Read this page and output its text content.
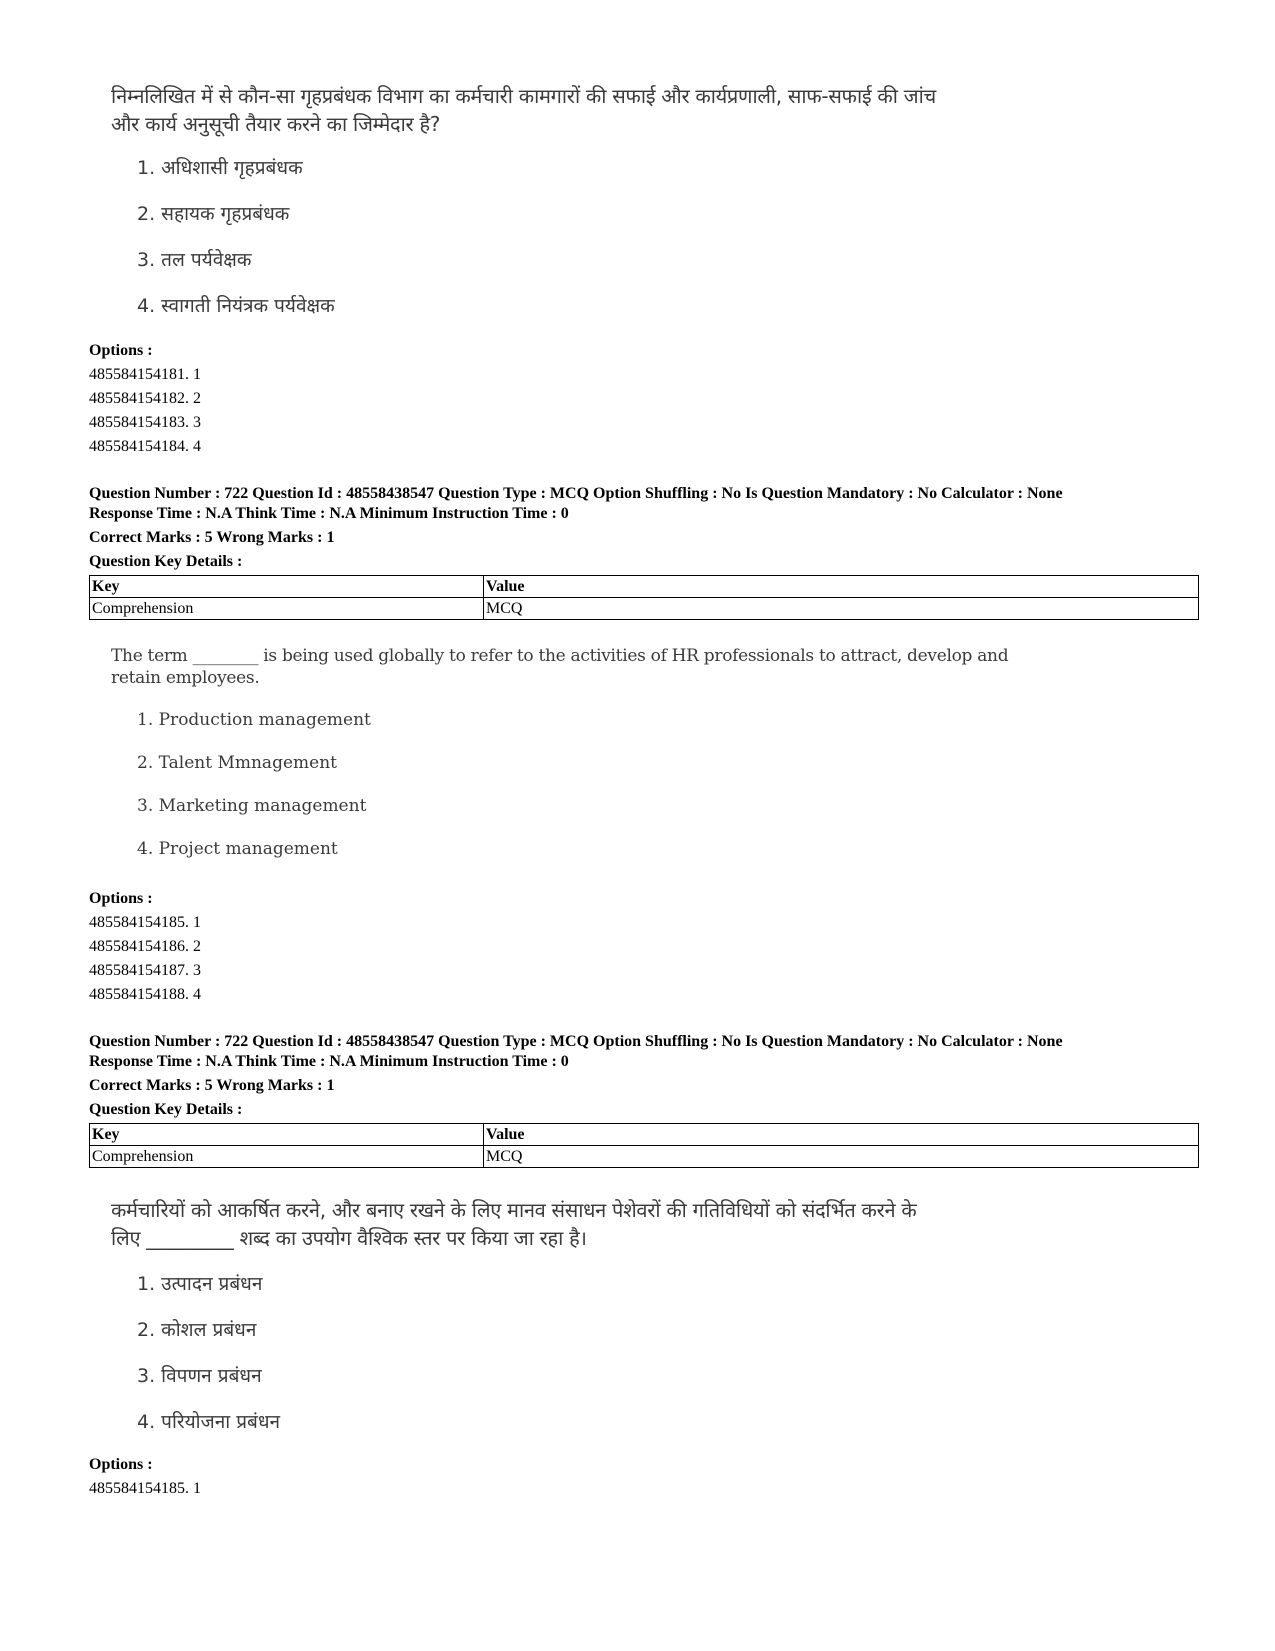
निम्नलिखित में से कौन-सा गृहप्रबंधक विभाग का कर्मचारी कामगारों की सफाई और कार्यप्रणाली, साफ-सफाई की जांच
और कार्य अनुसूची तैयार करने का जिम्मेदार है?
1. अधिशासी गृहप्रबंधक
2. सहायक गृहप्रबंधक
3. तल पर्यवेक्षक
4. स्वागती नियंत्रक पर्यवेक्षक
Options :
485584154181. 1
485584154182. 2
485584154183. 3
485584154184. 4
Question Number : 722 Question Id : 48558438547 Question Type : MCQ Option Shuffling : No Is Question Mandatory : No Calculator : None
Response Time : N.A Think Time : N.A Minimum Instruction Time : 0
Correct Marks : 5 Wrong Marks : 1
Question Key Details :
Key	Value
Comprehension	MCQ
The term ________ is being used globally to refer to the activities of HR professionals to attract, develop and
retain employees.
1. Production management
2. Talent Mmnagement
3. Marketing management
4. Project management
Options :
485584154185. 1
485584154186. 2
485584154187. 3
485584154188. 4
Question Number : 722 Question Id : 48558438547 Question Type : MCQ Option Shuffling : No Is Question Mandatory : No Calculator : None
Response Time : N.A Think Time : N.A Minimum Instruction Time : 0
Correct Marks : 5 Wrong Marks : 1
Question Key Details :
Key	Value
Comprehension	MCQ
कर्मचारियों को आकर्षित करने, और बनाए रखने के लिए मानव संसाधन पेशेवरों की गतिविधियों को संदर्भित करने के
लिए _________ शब्द का उपयोग वैश्विक स्तर पर किया जा रहा है।
1. उत्पादन प्रबंधन
2. कोशल प्रबंधन
3. विपणन प्रबंधन
4. परियोजना प्रबंधन
Options :
485584154185. 1
